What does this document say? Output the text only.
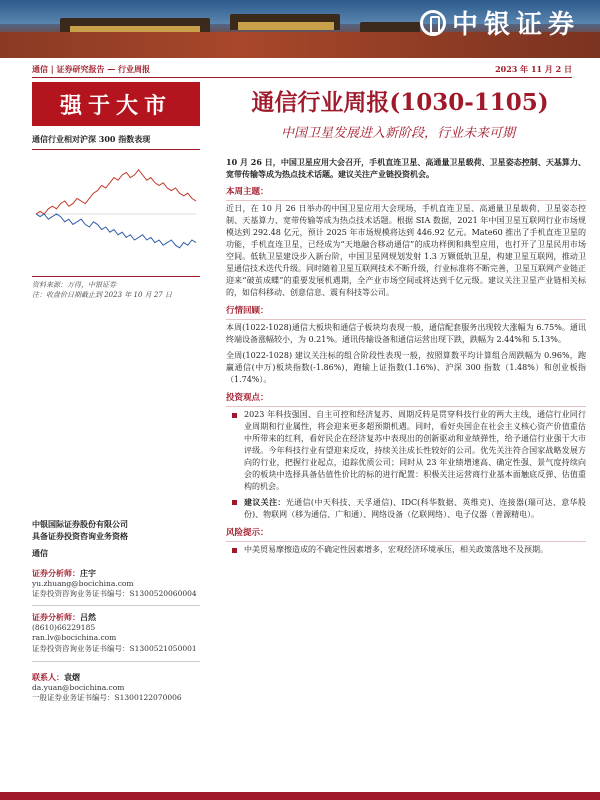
中银证券
通信 | 证券研究报告 — 行业周报	2023 年 11 月 2 日
强于大市	通信行业周报(1030-1105)
中国卫星发展进入新阶段，行业未来可期
通信行业相对沪深 300 指数表现
资料来源：万得，中银证券
注：收盘价日期截止到 2023 年 10 月 27 日
中银国际证券股份有限公司
具备证券投资咨询业务资格
通信
证券分析师：庄宇
yu.zhuang@bocichina.com
证券投资咨询业务证书编号：S1300520060004
证券分析师：吕然
(8610)66229185
ran.lv@bocichina.com
证券投资咨询业务证书编号：S1300521050001
联系人：袁熠
da.yuan@bocichina.com
一般证券业务证书编号：S1300122070006
10 月 26 日，中国卫星应用大会召开，手机直连卫星、高通量卫星载荷、卫星姿态控制、天基算力、宽带传输等成为热点技术话题。建议关注产业链投资机会。
本周主题：
近日，在 10 月 26 日举办的中国卫星应用大会现场，手机直连卫星、高通量卫星载荷、卫星姿态控制、天基算力、宽带传输等成为热点技术话题。根据 SIA 数据，2021 年中国卫星互联网行业市场规模达到 292.48 亿元，预计 2025 年市场规模将达到 446.92 亿元。Mate60 推出了手机直连卫星的功能，手机直连卫星，已经成为“天地融合移动通信”的成功样例和典型应用，也打开了卫星民用市场空间。低轨卫星建设步入新台阶，中国卫星网规划发射 1.3 万颗低轨卫星，构建卫星互联网，推动卫星通信技术迭代升级。同时随着卫星互联网技术不断升级，行业标准将不断完善，卫星互联网产业链正迎来“破茧成蝶”的重要发展机遇期，全产业市场空间或将达到千亿元级。建议关注卫星产业链相关标的，如信科移动、创意信息、震有科技等公司。
行情回顾：
本周(1022-1028)通信大板块和通信子板块均表现一般，通信配套服务出现较大涨幅为 6.75%。通讯终端设备涨幅较小，为 0.21%。通讯传输设备和通信运营出现下跌，跌幅为 2.44%和 5.13%。
全周(1022-1028) 建议关注标的组合阶段性表现一般，按照算数平均计算组合周跌幅为 0.96%，跑赢通信(中万)板块指数(-1.86%)，跑输上证指数(1.16%)、沪深 300 指数（1.48%）和创业板指（1.74%）。
投资观点：
2023 年科技强国、自主可控和经济复苏、周期反转是贯穿科技行业的两大主线，通信行业同行业周期和行业属性，将会迎来更多超预期机遇。同时，看好央国企在社会主义核心资产价值重估中所带来的红利，看好民企在经济复苏中表现出的创新驱动和业绩弹性，给予通信行业强于大市评级。今年科技行业有望迎来反攻，持续关注成长性较好的公司。优先关注符合国家战略发展方向的行业，把握行业起点，追踪优质公司；同时从 23 年业绩增速高、确定性强、景气度持续向会的板块中选择具备估值性价比的标的进行配置：积极关注运营商行业基本面触底反弹、估值重构的机会。
建议关注：光通信(中天科技、天孚通信)、IDC(科华数据、英维克)、连接器(瑞可达、意华股份)、物联网（移为通信、广和通）、网络设备（亿联网络）、电子仪器（普源精电）。
风险提示：
中美贸易摩擦造成的不确定性因素增多，宏观经济环境承压，相关政策落地不及预期。
